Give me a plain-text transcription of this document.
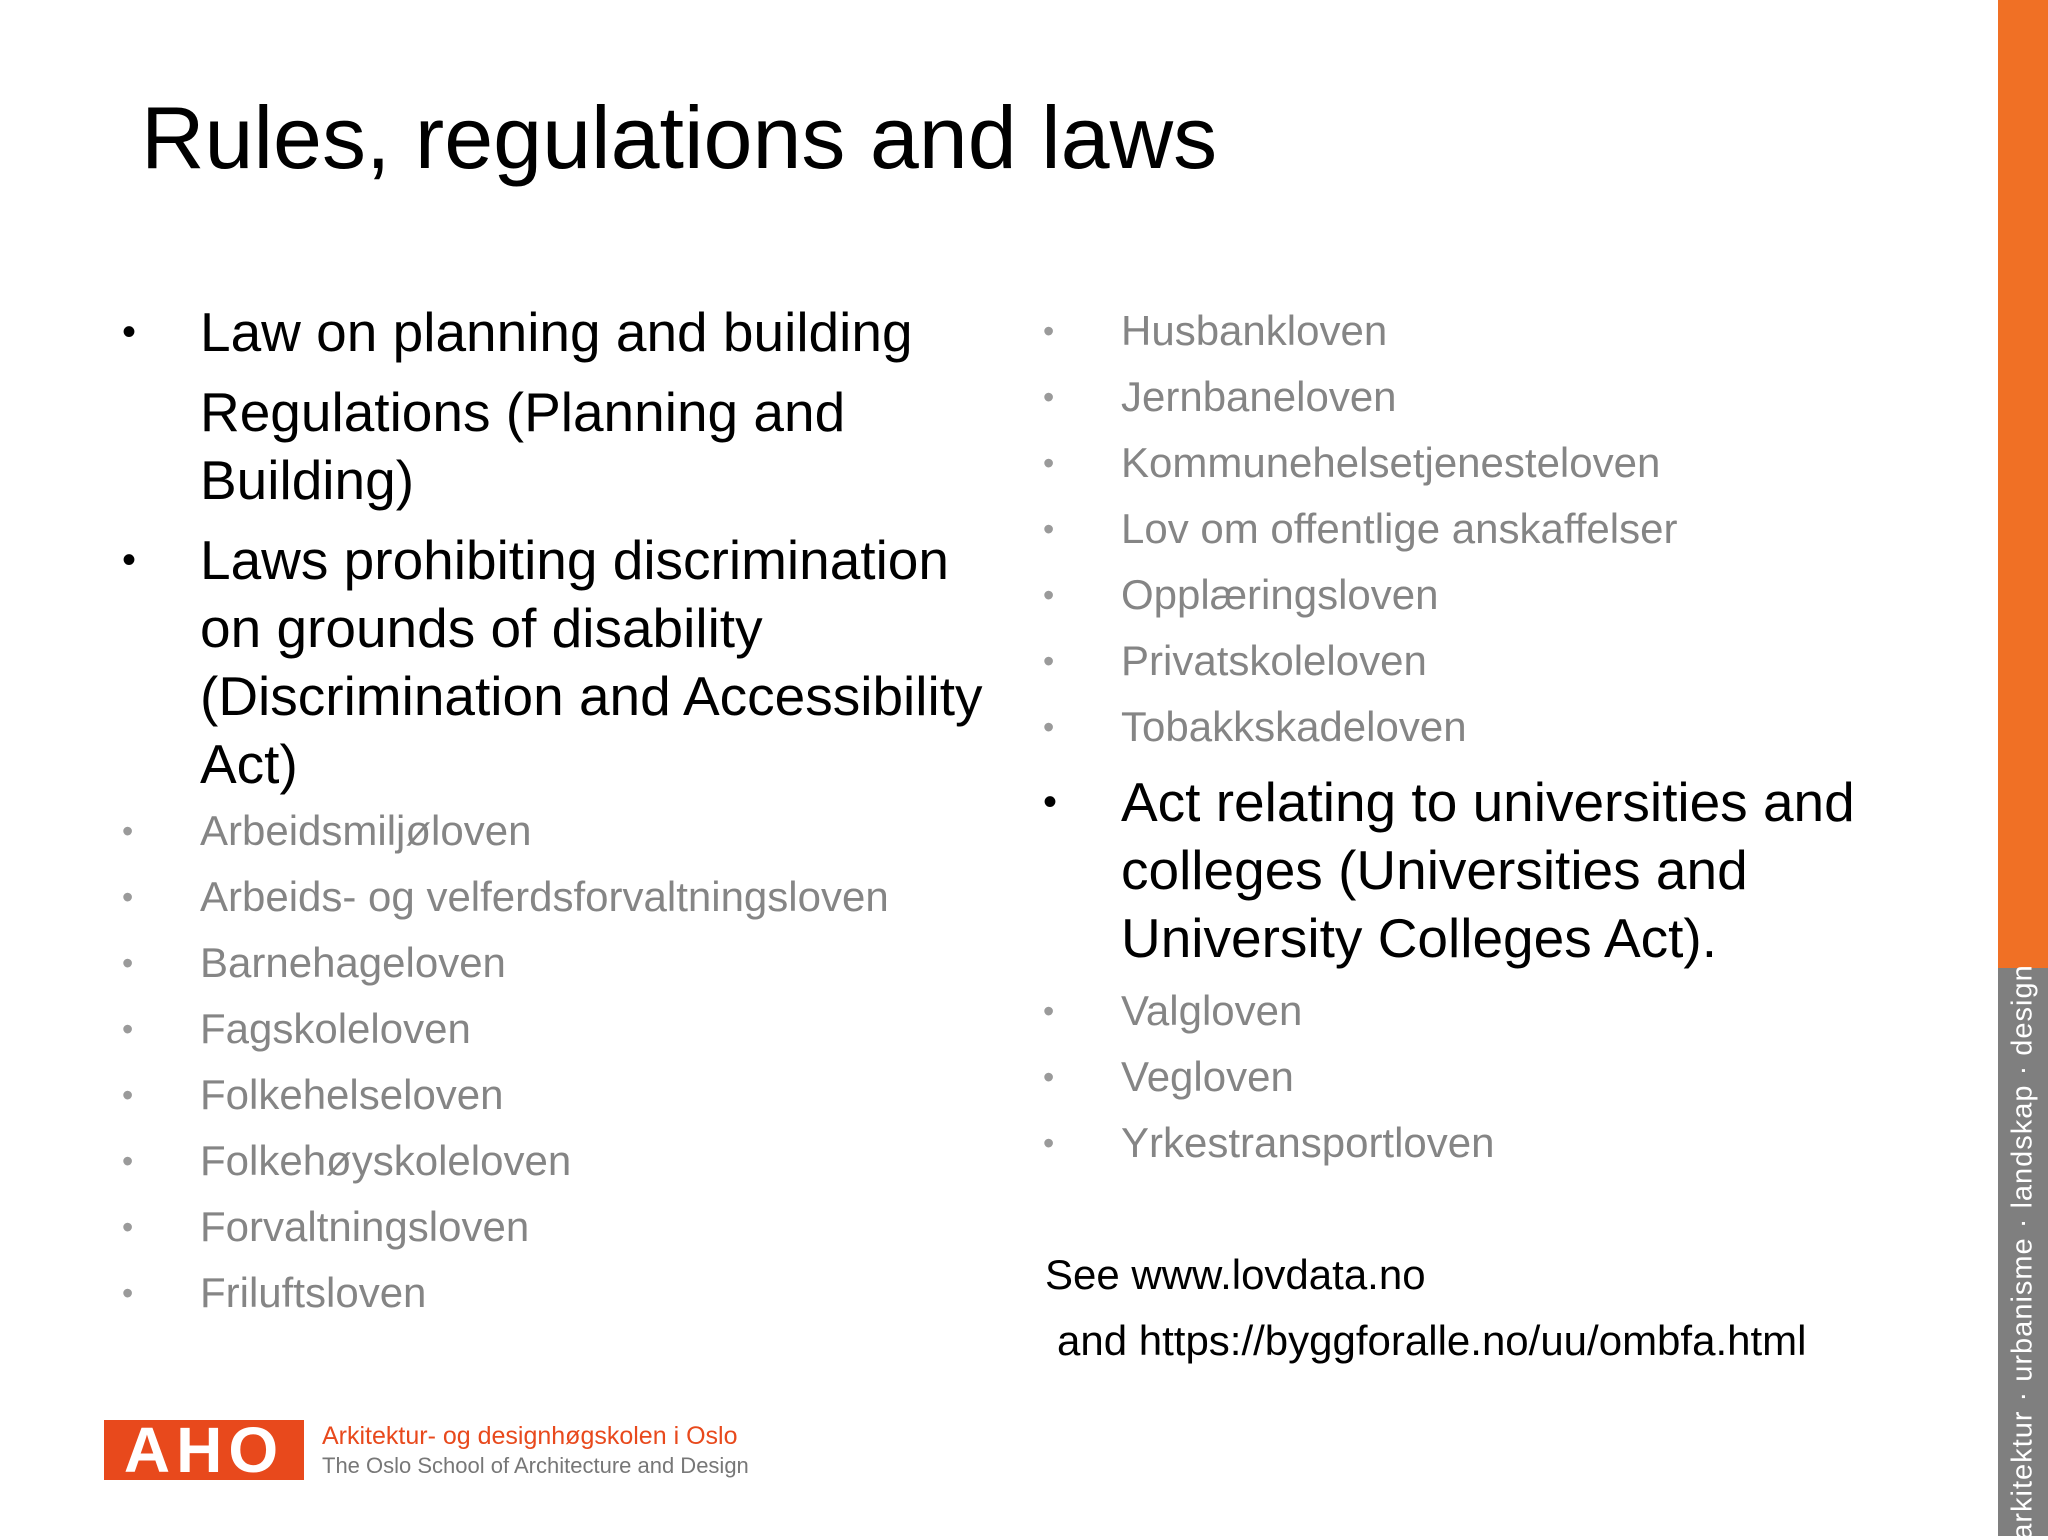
Rules, regulations and laws
• Law on planning and building
Regulations (Planning and Building)
• Laws prohibiting discrimination on grounds of disability (Discrimination and Accessibility Act)
• Arbeidsmiljøloven
• Arbeids- og velferdsforvaltningsloven
• Barnehageloven
• Fagskoleloven
• Folkehelseloven
• Folkehøyskoleloven
• Forvaltningsloven
• Friluftsloven
• Husbankloven
• Jernbaneloven
• Kommunehelsetjenesteloven
• Lov om offentlige anskaffelser
• Opplæringsloven
• Privatskoleloven
• Tobakkskadeloven
• Act relating to universities and colleges (Universities and University Colleges Act).
• Valgloven
• Vegloven
• Yrkestransportloven
See www.lovdata.no
and https://byggforalle.no/uu/ombfa.html	arkitektur · urbanisme · landskap · design
AHO	Arkitektur- og designhøgskolen i Oslo
The Oslo School of Architecture and Design
